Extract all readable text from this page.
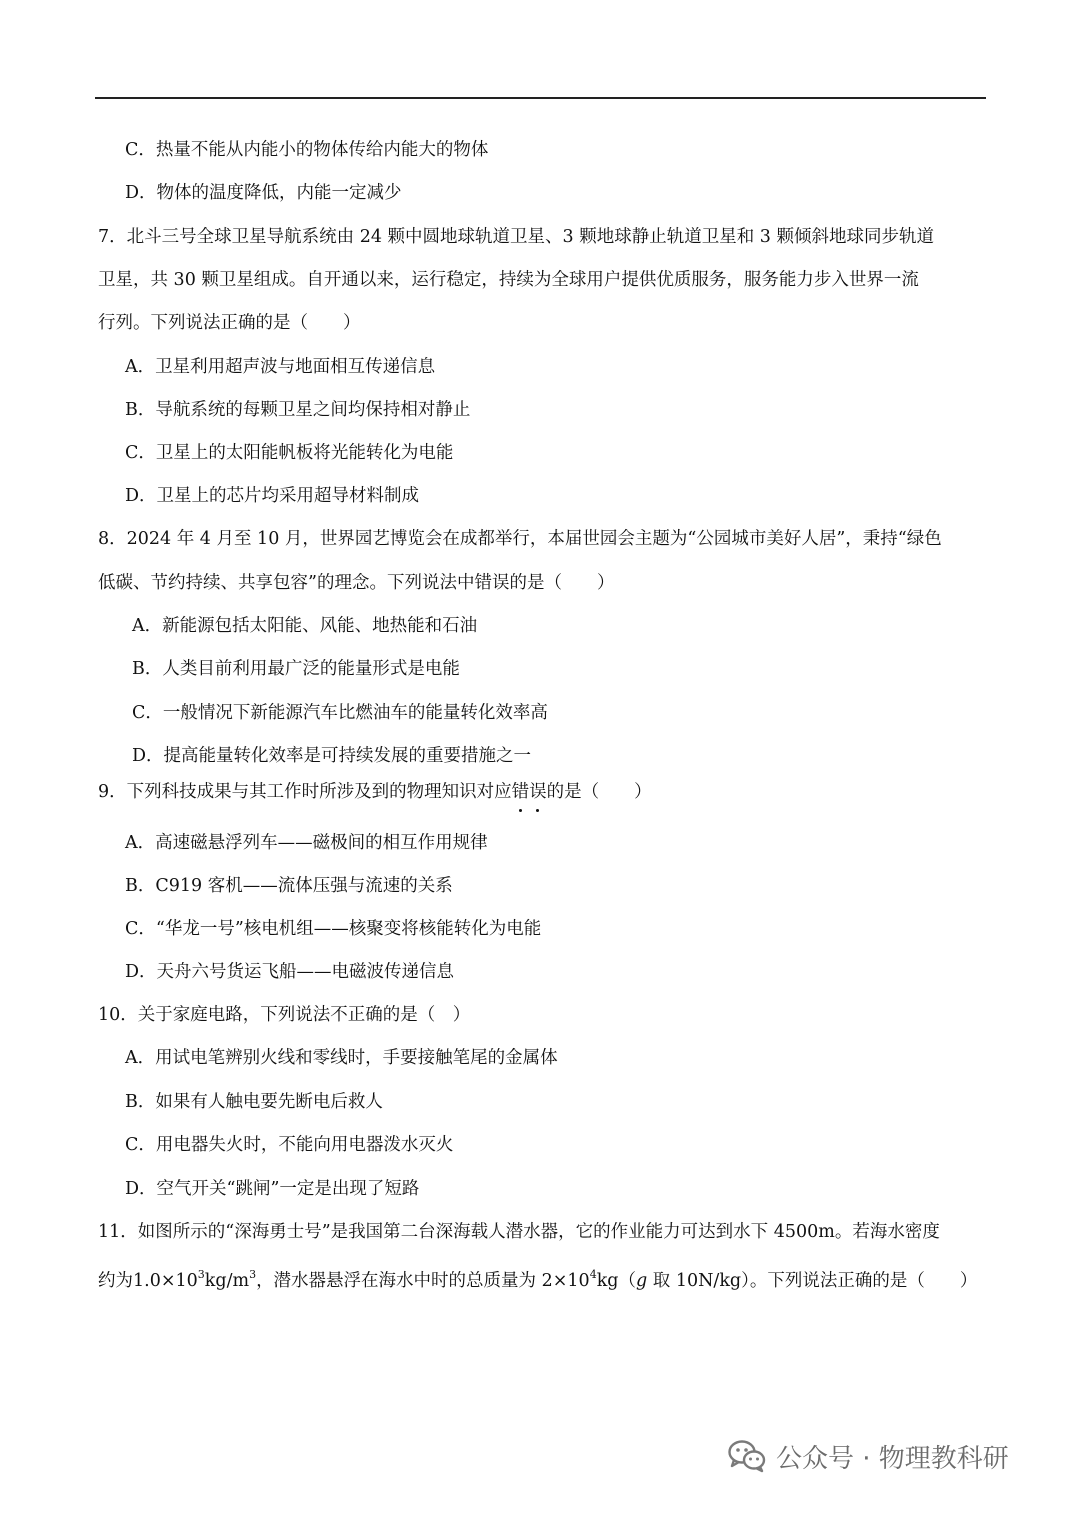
C．热量不能从内能小的物体传给内能大的物体
D．物体的温度降低，内能一定减少
7．北斗三号全球卫星导航系统由 24 颗中圆地球轨道卫星、3 颗地球静止轨道卫星和 3 颗倾斜地球同步轨道
卫星，共 30 颗卫星组成。自开通以来，运行稳定，持续为全球用户提供优质服务，服务能力步入世界一流
行列。下列说法正确的是（　　）
A．卫星利用超声波与地面相互传递信息
B．导航系统的每颗卫星之间均保持相对静止
C．卫星上的太阳能帆板将光能转化为电能
D．卫星上的芯片均采用超导材料制成
8．2024 年 4 月至 10 月，世界园艺博览会在成都举行，本届世园会主题为“公园城市美好人居”，秉持“绿色
低碳、节约持续、共享包容”的理念。下列说法中错误的是（　　）
A．新能源包括太阳能、风能、地热能和石油
B．人类目前利用最广泛的能量形式是电能
C．一般情况下新能源汽车比燃油车的能量转化效率高
D．提高能量转化效率是可持续发展的重要措施之一
9．下列科技成果与其工作时所涉及到的物理知识对应错误的是（　　）
A．高速磁悬浮列车——磁极间的相互作用规律
B．C919 客机——流体压强与流速的关系
C．“华龙一号”核电机组——核聚变将核能转化为电能
D．天舟六号货运飞船——电磁波传递信息
10．关于家庭电路，下列说法不正确的是（　）
A．用试电笔辨别火线和零线时，手要接触笔尾的金属体
B．如果有人触电要先断电后救人
C．用电器失火时，不能向用电器泼水灭火
D．空气开关“跳闸”一定是出现了短路
11．如图所示的“深海勇士号”是我国第二台深海载人潜水器，它的作业能力可达到水下 4500m。若海水密度
约为$1.0\times 10^3kg/m^3$，潜水器悬浮在海水中时的总质量为 $2\times 10^4kg(g$ 取 10N/kg）。下列说法正确的是（　　）
公众号 · 物理教科研
